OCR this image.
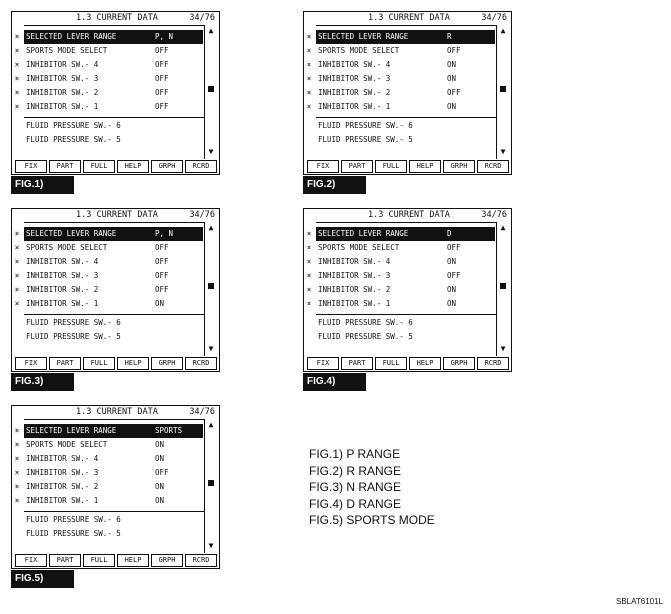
1.3 CURRENT DATA	34/76
× SELECTED LEVER RANGE	P, N
× SPORTS MODE SELECT	OFF
× INHIBITOR SW.- 4	OFF
× INHIBITOR SW.- 3	OFF
× INHIBITOR SW.- 2	OFF
× INHIBITOR SW.- 1	OFF
FLUID PRESSURE SW.- 6
FLUID PRESSURE SW.- 5
▲
▼
FIX	PART	FULL	HELP	GRPH	RCRD
FIG.1)
1.3 CURRENT DATA	34/76
× SELECTED LEVER RANGE	R
× SPORTS MODE SELECT	OFF
× INHIBITOR SW.- 4	ON
× INHIBITOR SW.- 3	ON
× INHIBITOR SW.- 2	OFF
× INHIBITOR SW.- 1	ON
FLUID PRESSURE SW.- 6
FLUID PRESSURE SW.- 5
▲
▼
FIX	PART	FULL	HELP	GRPH	RCRD
FIG.2)
1.3 CURRENT DATA	34/76
× SELECTED LEVER RANGE	P, N
× SPORTS MODE SELECT	OFF
× INHIBITOR SW.- 4	OFF
× INHIBITOR SW.- 3	OFF
× INHIBITOR SW.- 2	OFF
× INHIBITOR SW.- 1	ON
FLUID PRESSURE SW.- 6
FLUID PRESSURE SW.- 5
▲
▼
FIX	PART	FULL	HELP	GRPH	RCRD
FIG.3)
1.3 CURRENT DATA	34/76
× SELECTED LEVER RANGE	D
× SPORTS MODE SELECT	OFF
× INHIBITOR SW.- 4	ON
× INHIBITOR SW.- 3	OFF
× INHIBITOR SW.- 2	ON
× INHIBITOR SW.- 1	ON
FLUID PRESSURE SW.- 6
FLUID PRESSURE SW.- 5
▲
▼
FIX	PART	FULL	HELP	GRPH	RCRD
FIG.4)
1.3 CURRENT DATA	34/76
× SELECTED LEVER RANGE	SPORTS
× SPORTS MODE SELECT	ON
× INHIBITOR SW.- 4	ON
× INHIBITOR SW.- 3	OFF
× INHIBITOR SW.- 2	ON
× INHIBITOR SW.- 1	ON
FLUID PRESSURE SW.- 6
FLUID PRESSURE SW.- 5
▲
▼
FIX	PART	FULL	HELP	GRPH	RCRD
FIG.5)
FIG.1) P RANGE
FIG.2) R RANGE
FIG.3) N RANGE
FIG.4) D RANGE
FIG.5) SPORTS MODE
SBLAT6101L
